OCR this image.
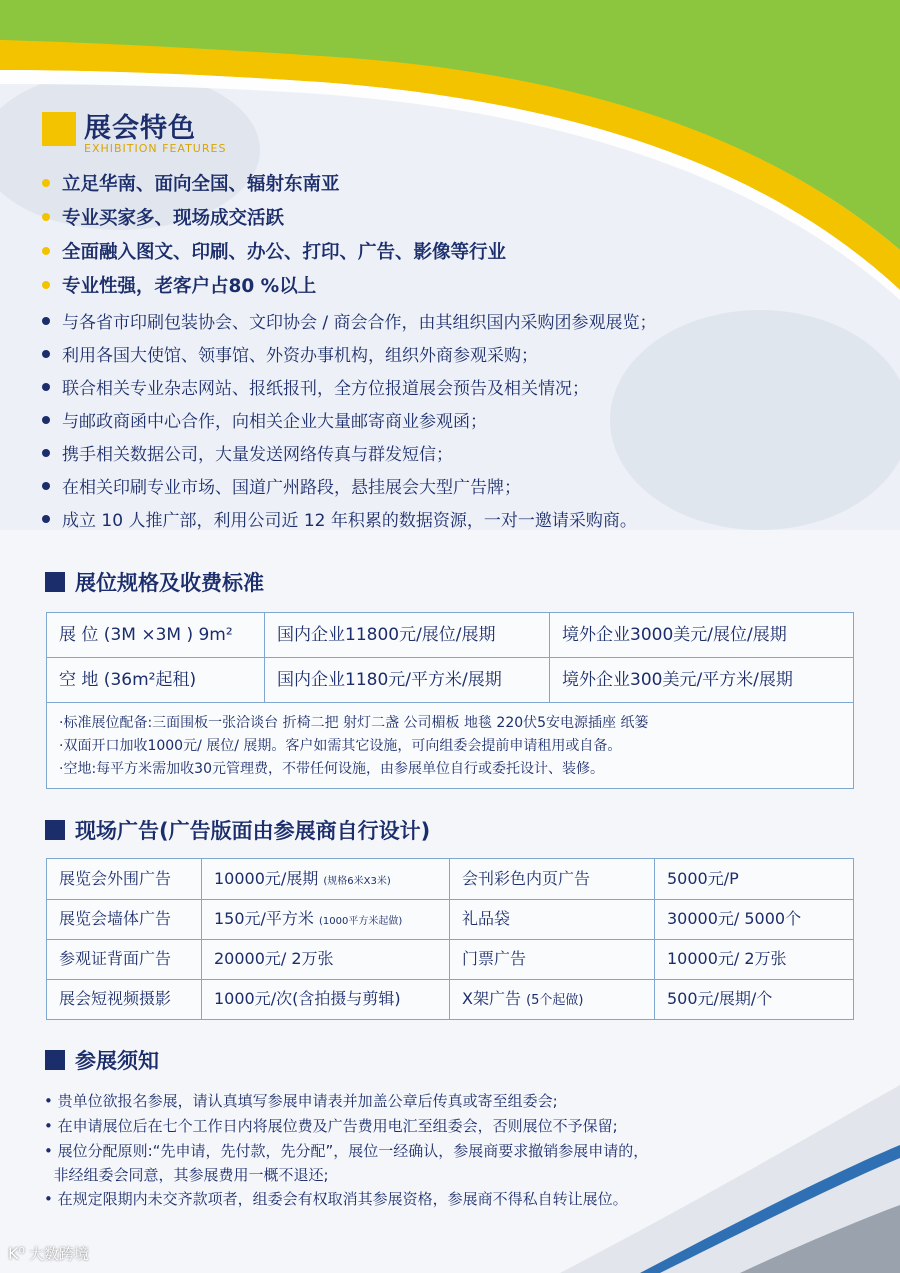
展会特色
EXHIBITION FEATURES
立足华南、面向全国、辐射东南亚
专业买家多、现场成交活跃
全面融入图文、印刷、办公、打印、广告、影像等行业
专业性强，老客户占80 %以上
与各省市印刷包装协会、文印协会 / 商会合作，由其组织国内采购团参观展览；
利用各国大使馆、领事馆、外资办事机构，组织外商参观采购；
联合相关专业杂志网站、报纸报刊，全方位报道展会预告及相关情况；
与邮政商函中心合作，向相关企业大量邮寄商业参观函；
携手相关数据公司，大量发送网络传真与群发短信；
在相关印刷专业市场、国道广州路段，悬挂展会大型广告牌；
成立 10 人推广部，利用公司近 12 年积累的数据资源，一对一邀请采购商。
展位规格及收费标准
展 位 (3M ×3M ) 9m²	国内企业11800元/展位/展期	境外企业3000美元/展位/展期
空 地 (36m²起租)	国内企业1180元/平方米/展期	境外企业300美元/平方米/展期
·标准展位配备:三面围板一张洽谈台 折椅二把 射灯二盏 公司楣板 地毯 220伏5安电源插座 纸篓
·双面开口加收1000元/ 展位/ 展期。客户如需其它设施，可向组委会提前申请租用或自备。
·空地:每平方米需加收30元管理费，不带任何设施，由参展单位自行或委托设计、装修。
现场广告(广告版面由参展商自行设计)
展览会外围广告	10000元/展期 (规格6米X3米)	会刊彩色内页广告	5000元/P
展览会墙体广告	150元/平方米 (1000平方米起做)	礼品袋	30000元/ 5000个
参观证背面广告	20000元/ 2万张	门票广告	10000元/ 2万张
展会短视频摄影	1000元/次(含拍摄与剪辑)	X架广告 (5个起做)	500元/展期/个
参展须知
• 贵单位欲报名参展，请认真填写参展申请表并加盖公章后传真或寄至组委会;
• 在申请展位后在七个工作日内将展位费及广告费用电汇至组委会，否则展位不予保留;
• 展位分配原则:“先申请，先付款，先分配”，展位一经确认，参展商要求撤销参展申请的，
非经组委会同意，其参展费用一概不退还;
• 在规定限期内未交齐款项者，组委会有权取消其参展资格，参展商不得私自转让展位。
K⁰ 大数跨境
